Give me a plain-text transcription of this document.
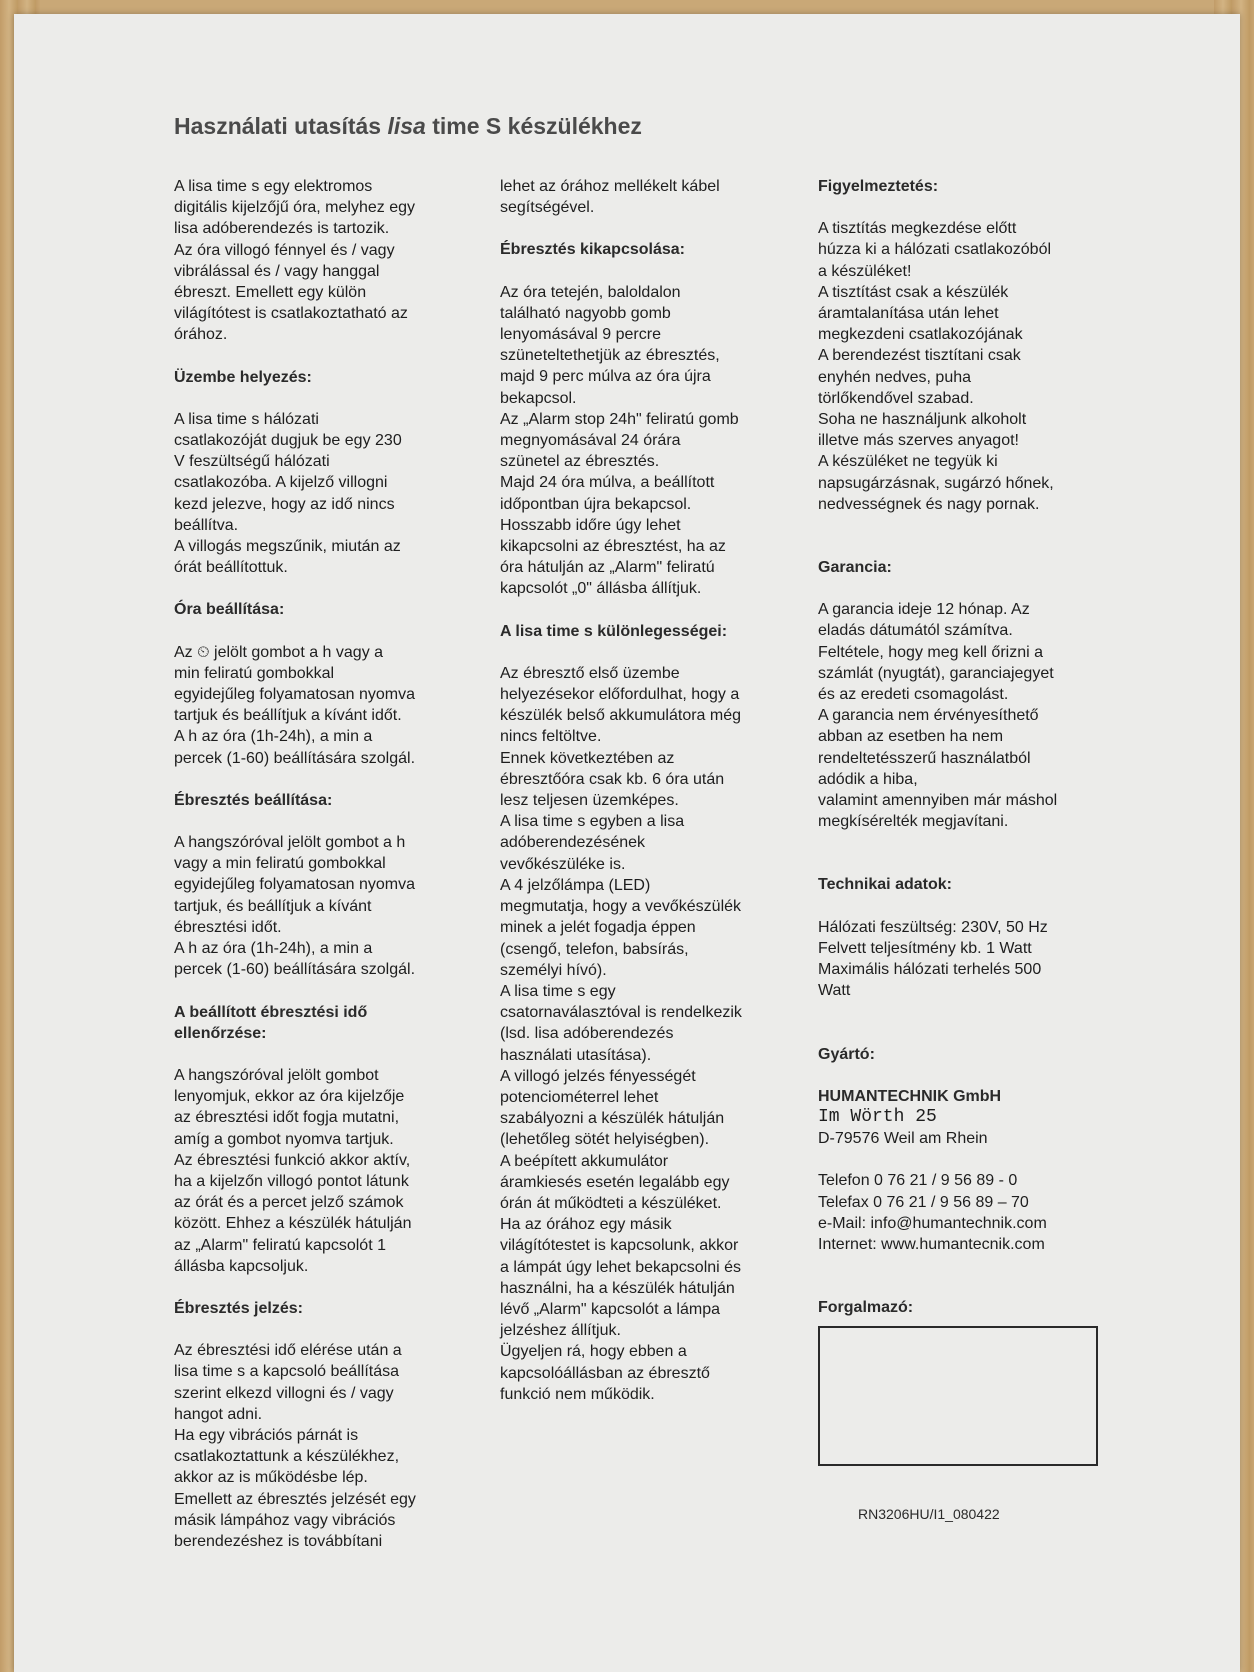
Használati utasítás lisa time S készülékhez

A lisa time s egy elektromos
digitális kijelzőjű óra, melyhez egy
lisa adóberendezés is tartozik.
Az óra villogó fénnyel és / vagy
vibrálással és / vagy hanggal
ébreszt. Emellett egy külön
világítótest is csatlakoztatható az
órához.

Üzembe helyezés:

A lisa time s hálózati
csatlakozóját dugjuk be egy 230
V feszültségű hálózati
csatlakozóba. A kijelző villogni
kezd jelezve, hogy az idő nincs
beállítva.
A villogás megszűnik, miután az
órát beállítottuk.

Óra beállítása:

Az ⏲ jelölt gombot a h vagy a
min feliratú gombokkal
egyidejűleg folyamatosan nyomva
tartjuk és beállítjuk a kívánt időt.
A h az óra (1h-24h), a min a
percek (1-60) beállítására szolgál.

Ébresztés beállítása:

A hangszóróval jelölt gombot a h
vagy a min feliratú gombokkal
egyidejűleg folyamatosan nyomva
tartjuk, és beállítjuk a kívánt
ébresztési időt.
A h az óra (1h-24h), a min a
percek (1-60) beállítására szolgál.

A beállított ébresztési idő
ellenőrzése:

A hangszóróval jelölt gombot
lenyomjuk, ekkor az óra kijelzője
az ébresztési időt fogja mutatni,
amíg a gombot nyomva tartjuk.
Az ébresztési funkció akkor aktív,
ha a kijelzőn villogó pontot látunk
az órát és a percet jelző számok
között. Ehhez a készülék hátulján
az „Alarm" feliratú kapcsolót 1
állásba kapcsoljuk.

Ébresztés jelzés:

Az ébresztési idő elérése után a
lisa time s a kapcsoló beállítása
szerint elkezd villogni és / vagy
hangot adni.
Ha egy vibrációs párnát is
csatlakoztattunk a készülékhez,
akkor az is működésbe lép.
Emellett az ébresztés jelzését egy
másik lámpához vagy vibrációs
berendezéshez is továbbítani

lehet az órához mellékelt kábel
segítségével.

Ébresztés kikapcsolása:

Az óra tetején, baloldalon
található nagyobb gomb
lenyomásával 9 percre
szüneteltethetjük az ébresztés,
majd 9 perc múlva az óra újra
bekapcsol.
Az „Alarm stop 24h" feliratú gomb
megnyomásával 24 órára
szünetel az ébresztés.
Majd 24 óra múlva, a beállított
időpontban újra bekapcsol.
Hosszabb időre úgy lehet
kikapcsolni az ébresztést, ha az
óra hátulján az „Alarm" feliratú
kapcsolót „0" állásba állítjuk.

A lisa time s különlegességei:

Az ébresztő első üzembe
helyezésekor előfordulhat, hogy a
készülék belső akkumulátora még
nincs feltöltve.
Ennek következtében az
ébresztőóra csak kb. 6 óra után
lesz teljesen üzemképes.
A lisa time s egyben a lisa
adóberendezésének
vevőkészüléke is.
A 4 jelzőlámpa (LED)
megmutatja, hogy a vevőkészülék
minek a jelét fogadja éppen
(csengő, telefon, babsírás,
személyi hívó).
A lisa time s egy
csatornaválasztóval is rendelkezik
(lsd. lisa adóberendezés
használati utasítása).
A villogó jelzés fényességét
potenciométerrel lehet
szabályozni a készülék hátulján
(lehetőleg sötét helyiségben).
A beépített akkumulátor
áramkiesés esetén legalább egy
órán át működteti a készüléket.
Ha az órához egy másik
világítótestet is kapcsolunk, akkor
a lámpát úgy lehet bekapcsolni és
használni, ha a készülék hátulján
lévő „Alarm" kapcsolót a lámpa
jelzéshez állítjuk.
Ügyeljen rá, hogy ebben a
kapcsolóállásban az ébresztő
funkció nem működik.

Figyelmeztetés:

A tisztítás megkezdése előtt
húzza ki a hálózati csatlakozóból
a készüléket!
A tisztítást csak a készülék
áramtalanítása után lehet
megkezdeni csatlakozójának
A berendezést tisztítani csak
enyhén nedves, puha
törlőkendővel szabad.
Soha ne használjunk alkoholt
illetve más szerves anyagot!
A készüléket ne tegyük ki
napsugárzásnak, sugárzó hőnek,
nedvességnek és nagy pornak.

Garancia:

A garancia ideje 12 hónap. Az
eladás dátumától számítva.
Feltétele, hogy meg kell őrizni a
számlát (nyugtát), garanciajegyet
és az eredeti csomagolást.
A garancia nem érvényesíthető
abban az esetben ha nem
rendeltetésszerű használatból
adódik a hiba,
valamint amennyiben már máshol
megkísérelték megjavítani.

Technikai adatok:

Hálózati feszültség: 230V, 50 Hz
Felvett teljesítmény kb. 1 Watt
Maximális hálózati terhelés 500
Watt

Gyártó:
HUMANTECHNIK GmbH

Im Wörth 25

D-79576 Weil am Rhein

Telefon 0 76 21 / 9 56 89 - 0
Telefax 0 76 21 / 9 56 89 – 70
e-Mail: info@humantechnik.com
Internet: www.humantecnik.com

Forgalmazó:
RN3206HU/I1_080422
